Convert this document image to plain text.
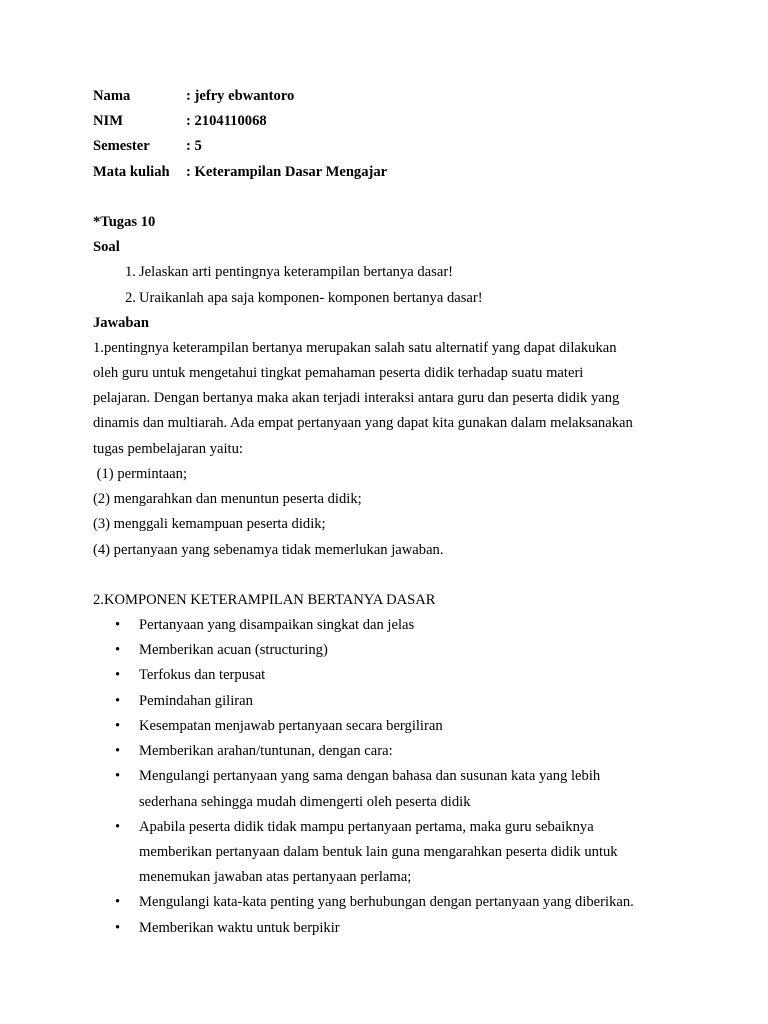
Nama	: jefry ebwantoro
NIM	: 2104110068
Semester	: 5
Mata kuliah	: Keterampilan Dasar Mengajar
*Tugas 10
Soal
1. Jelaskan arti pentingnya keterampilan bertanya dasar!
2. Uraikanlah apa saja komponen- komponen bertanya dasar!
Jawaban
1.pentingnya keterampilan bertanya merupakan salah satu alternatif yang dapat dilakukan
oleh guru untuk mengetahui tingkat pemahaman peserta didik terhadap suatu materi
pelajaran. Dengan bertanya maka akan terjadi interaksi antara guru dan peserta didik yang
dinamis dan multiarah. Ada empat pertanyaan yang dapat kita gunakan dalam melaksanakan
tugas pembelajaran yaitu:
(1) permintaan;
(2) mengarahkan dan menuntun peserta didik;
(3) menggali kemampuan peserta didik;
(4) pertanyaan yang sebenamya tidak memerlukan jawaban.
2.KOMPONEN KETERAMPILAN BERTANYA DASAR
•	Pertanyaan yang disampaikan singkat dan jelas
•	Memberikan acuan (structuring)
•	Terfokus dan terpusat
•	Pemindahan giliran
•	Kesempatan menjawab pertanyaan secara bergiliran
•	Memberikan arahan/tuntunan, dengan cara:
•	Mengulangi pertanyaan yang sama dengan bahasa dan susunan kata yang lebih
sederhana sehingga mudah dimengerti oleh peserta didik
•	Apabila peserta didik tidak mampu pertanyaan pertama, maka guru sebaiknya
memberikan pertanyaan dalam bentuk lain guna mengarahkan peserta didik untuk
menemukan jawaban atas pertanyaan perlama;
•	Mengulangi kata-kata penting yang berhubungan dengan pertanyaan yang diberikan.
•	Memberikan waktu untuk berpikir
